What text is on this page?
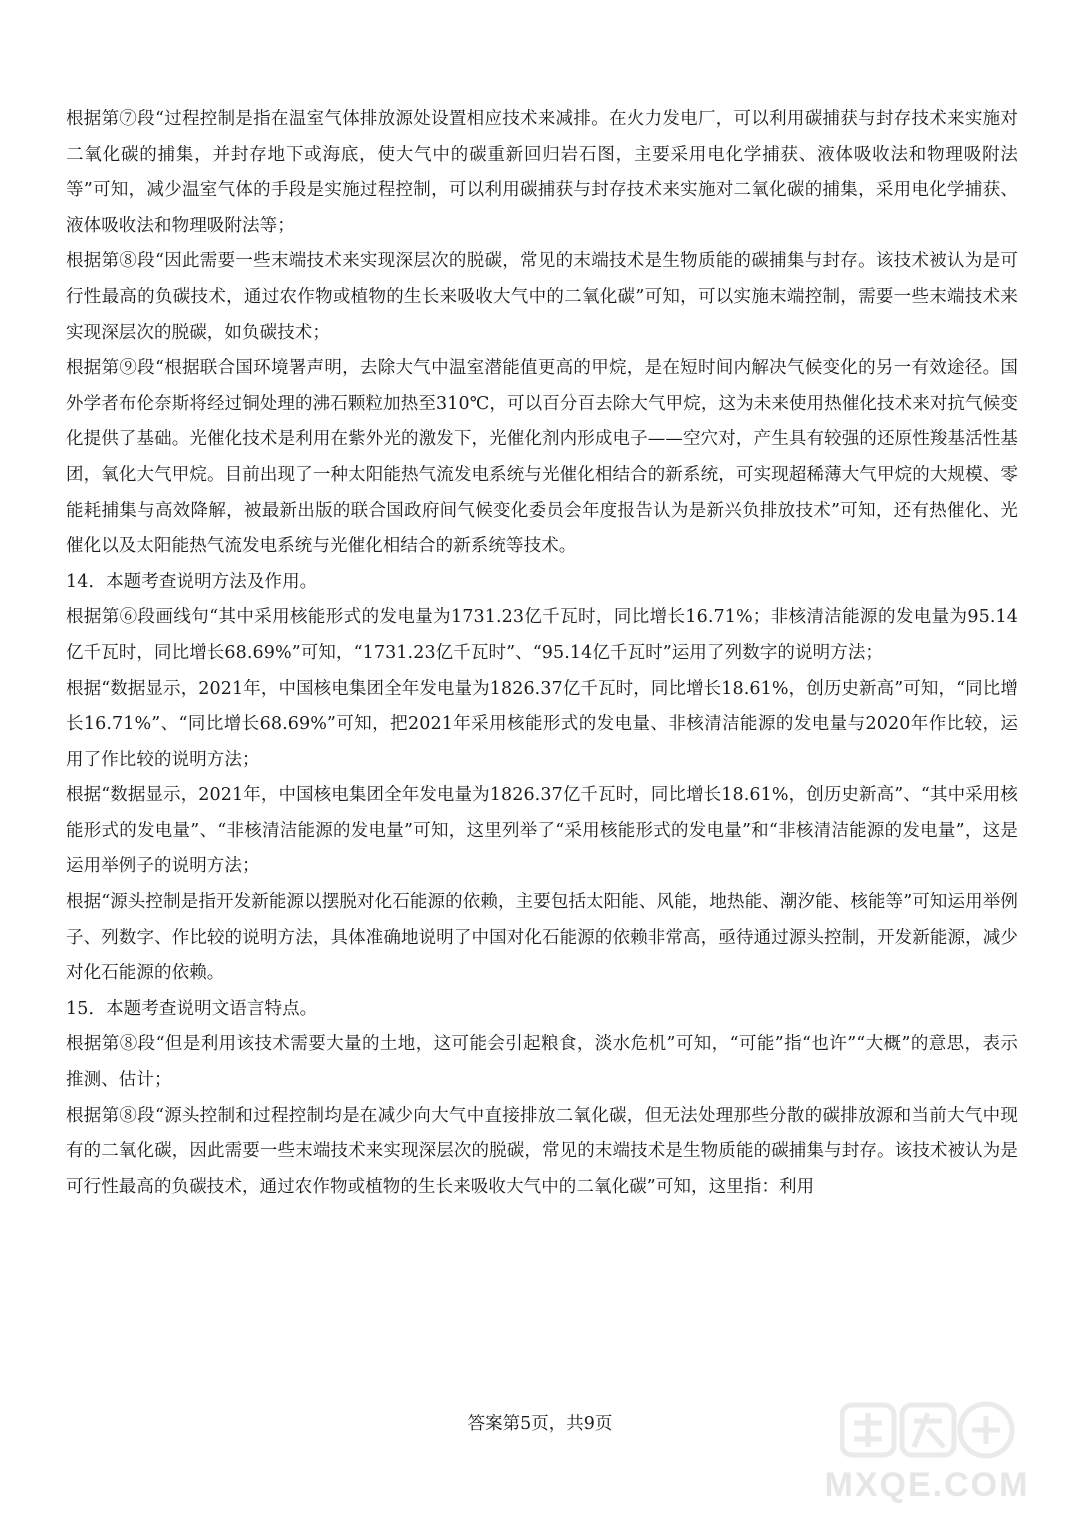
根据第⑦段“过程控制是指在温室气体排放源处设置相应技术来减排。在火力发电厂，可以利用碳捕获与封存技术来实施对二氧化碳的捕集，并封存地下或海底，使大气中的碳重新回归岩石图，主要采用电化学捕获、液体吸收法和物理吸附法等”可知，减少温室气体的手段是实施过程控制，可以利用碳捕获与封存技术来实施对二氧化碳的捕集，采用电化学捕获、液体吸收法和物理吸附法等；

根据第⑧段“因此需要一些末端技术来实现深层次的脱碳，常见的末端技术是生物质能的碳捕集与封存。该技术被认为是可行性最高的负碳技术，通过农作物或植物的生长来吸收大气中的二氧化碳”可知，可以实施末端控制，需要一些末端技术来实现深层次的脱碳，如负碳技术；

根据第⑨段“根据联合国环境署声明，去除大气中温室潜能值更高的甲烷，是在短时间内解决气候变化的另一有效途径。国外学者布伦奈斯将经过铜处理的沸石颗粒加热至310℃，可以百分百去除大气甲烷，这为未来使用热催化技术来对抗气候变化提供了基础。光催化技术是利用在紫外光的激发下，光催化剂内形成电子——空穴对，产生具有较强的还原性羧基活性基团，氧化大气甲烷。目前出现了一种太阳能热气流发电系统与光催化相结合的新系统，可实现超稀薄大气甲烷的大规模、零能耗捕集与高效降解，被最新出版的联合国政府间气候变化委员会年度报告认为是新兴负排放技术”可知，还有热催化、光催化以及太阳能热气流发电系统与光催化相结合的新系统等技术。

14．本题考查说明方法及作用。

根据第⑥段画线句“其中采用核能形式的发电量为1731.23亿千瓦时，同比增长16.71%；非核清洁能源的发电量为95.14亿千瓦时，同比增长68.69%”可知，“1731.23亿千瓦时”、“95.14亿千瓦时”运用了列数字的说明方法；

根据“数据显示，2021年，中国核电集团全年发电量为1826.37亿千瓦时，同比增长18.61%，创历史新高”可知，“同比增长16.71%”、“同比增长68.69%”可知，把2021年采用核能形式的发电量、非核清洁能源的发电量与2020年作比较，运用了作比较的说明方法；

根据“数据显示，2021年，中国核电集团全年发电量为1826.37亿千瓦时，同比增长18.61%，创历史新高”、“其中采用核能形式的发电量”、“非核清洁能源的发电量”可知，这里列举了“采用核能形式的发电量”和“非核清洁能源的发电量”，这是运用举例子的说明方法；

根据“源头控制是指开发新能源以摆脱对化石能源的依赖，主要包括太阳能、风能，地热能、潮汐能、核能等”可知运用举例子、列数字、作比较的说明方法，具体准确地说明了中国对化石能源的依赖非常高，亟待通过源头控制，开发新能源，减少对化石能源的依赖。

15．本题考查说明文语言特点。

根据第⑧段“但是利用该技术需要大量的土地，这可能会引起粮食，淡水危机”可知，“可能”指“也许”“大概”的意思，表示推测、估计；

根据第⑧段“源头控制和过程控制均是在减少向大气中直接排放二氧化碳，但无法处理那些分散的碳排放源和当前大气中现有的二氧化碳，因此需要一些末端技术来实现深层次的脱碳，常见的末端技术是生物质能的碳捕集与封存。该技术被认为是可行性最高的负碳技术，通过农作物或植物的生长来吸收大气中的二氧化碳”可知，这里指：利用

答案第5页，共9页
MXQE.COM
